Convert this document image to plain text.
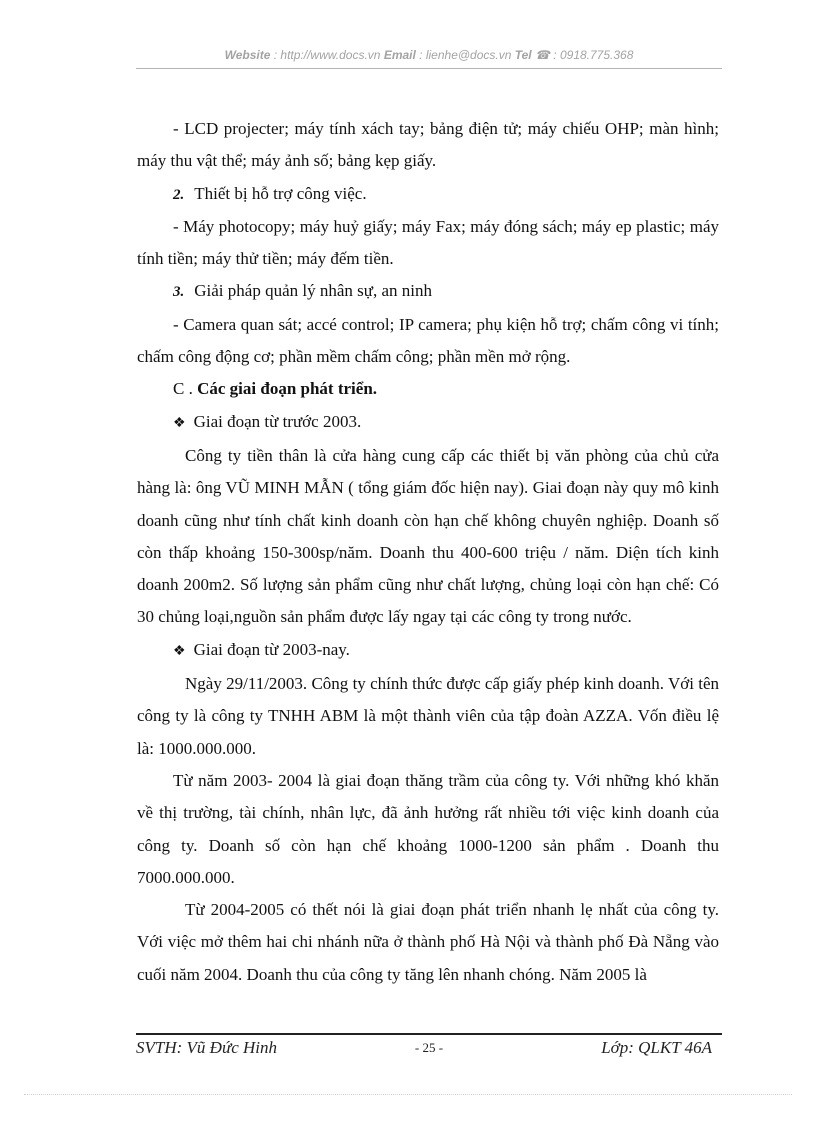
Website : http://www.docs.vn Email : lienhe@docs.vn Tel ☎ : 0918.775.368

- LCD projecter; máy tính xách tay; bảng điện tử; máy chiếu OHP; màn hình; máy thu vật thể; máy ảnh số; bảng kẹp giấy.

2. Thiết bị hỗ trợ công việc.

- Máy photocopy; máy huỷ giấy; máy Fax; máy đóng sách; máy ep plastic; máy tính tiền; máy thử tiền; máy đếm tiền.

3. Giải pháp quản lý nhân sự, an ninh

- Camera quan sát; accé control; IP camera; phụ kiện hỗ trợ; chấm công vi tính; chấm công động cơ; phần mềm chấm công; phần mền mở rộng.

C . Các giai đoạn phát triển.

❖ Giai đoạn từ trước 2003.

Công ty tiền thân là cửa hàng cung cấp các thiết bị văn phòng của chủ cửa hàng là: ông VŨ MINH MẪN ( tổng giám đốc hiện nay). Giai đoạn này quy mô kinh doanh cũng như tính chất kinh doanh còn hạn chế không chuyên nghiệp. Doanh số còn thấp khoảng 150-300sp/năm. Doanh thu 400-600 triệu / năm. Diện tích kinh doanh 200m2. Số lượng sản phẩm cũng như chất lượng, chủng loại còn hạn chế: Có 30 chủng loại,nguồn sản phẩm được lấy ngay tại các công ty trong nước.

❖ Giai đoạn từ 2003-nay.

Ngày 29/11/2003. Công ty chính thức được cấp giấy phép kinh doanh. Với tên công ty là công ty TNHH ABM là một thành viên của tập đoàn AZZA. Vốn điều lệ là: 1000.000.000.

Từ năm 2003- 2004 là giai đoạn thăng trầm của công ty. Với những khó khăn về thị trường, tài chính, nhân lực, đã ảnh hưởng rất nhiều tới việc kinh doanh của công ty. Doanh số còn hạn chế khoảng 1000-1200 sản phẩm . Doanh thu 7000.000.000.

Từ 2004-2005 có thết nói là giai đoạn phát triển nhanh lẹ nhất của công ty. Với việc mở thêm hai chi nhánh nữa ở thành phố Hà Nội và thành phố Đà Nẵng vào cuối năm 2004. Doanh thu của công ty tăng lên nhanh chóng. Năm 2005 là

SVTH: Vũ Đức Hinh	- 25 -	Lớp: QLKT 46A
